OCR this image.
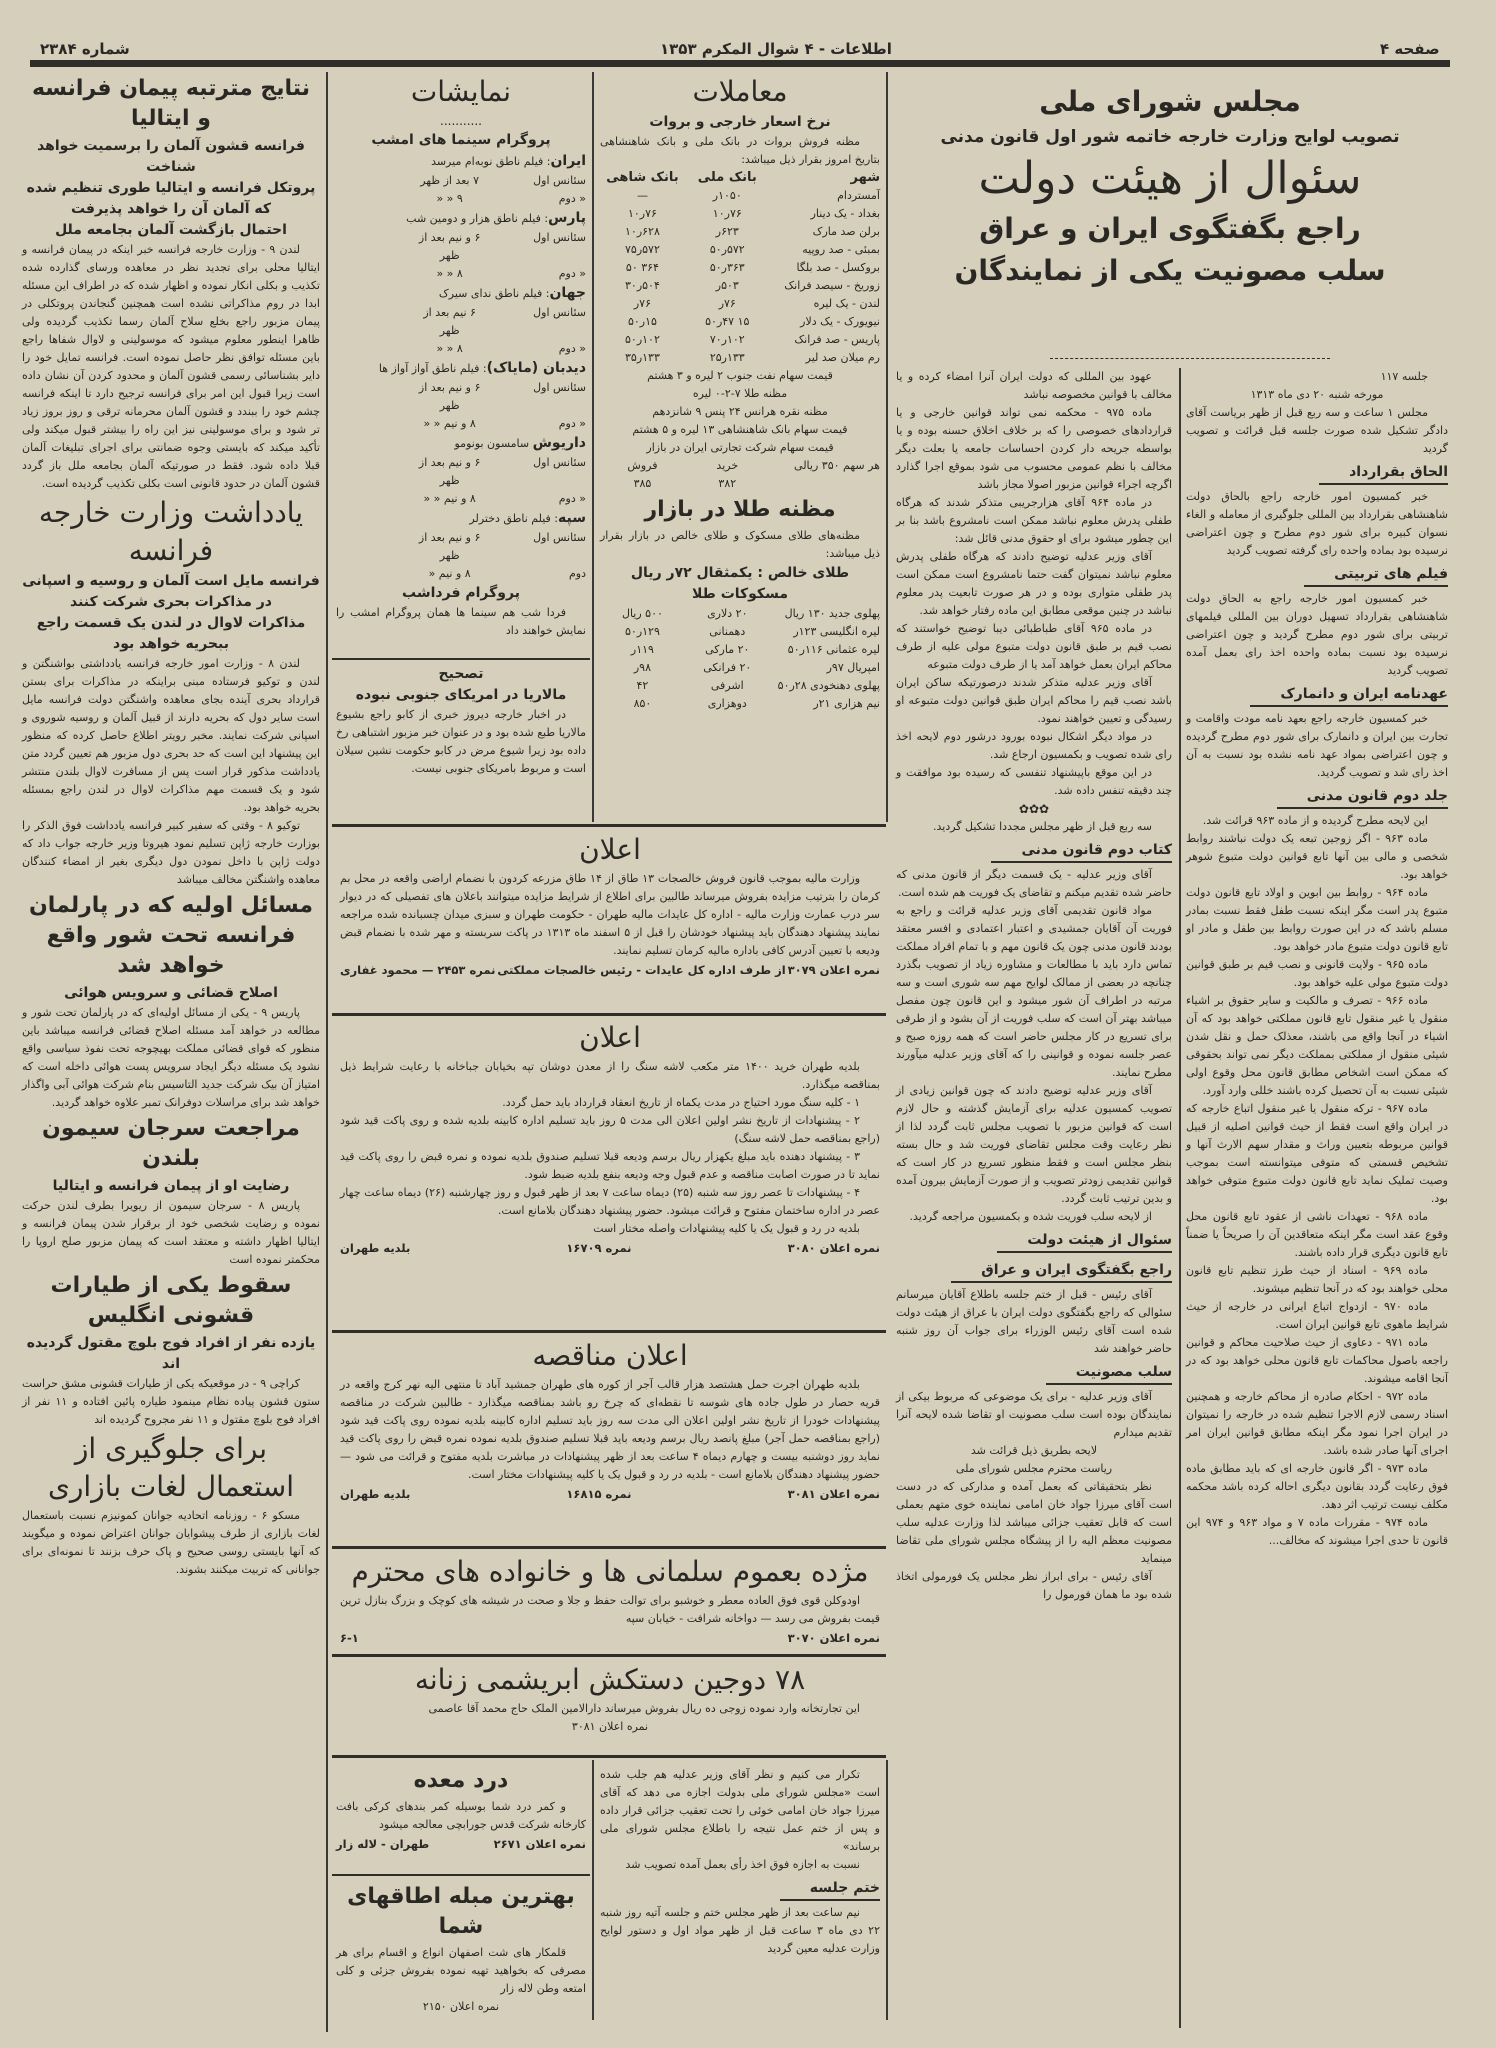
صفحه ۴
اطلاعات - ۴ شوال المکرم ۱۳۵۳
شماره ۲۳۸۴
مجلس شورای ملی
تصویب لوایح وزارت خارجه خاتمه شور اول قانون مدنی
سئوال از هیئت دولت
راجع بگفتگوی ایران و عراق
سلب مصونیت یکی از نمایندگان
جلسه ۱۱۷
مورخه شنبه ۲۰ دی ماه ۱۳۱۳
مجلس ۱ ساعت و سه ربع قبل از ظهر بریاست آقای دادگر تشکیل شده صورت جلسه قبل قرائت و تصویب گردید
الحاق بقرارداد
خبر کمسیون امور خارجه راجع بالحاق دولت شاهنشاهی بقرارداد بین المللی جلوگیری از معامله و الغاء نسوان کبیره برای شور دوم مطرح و چون اعتراضی نرسیده بود بماده واحده رای گرفته تصویب گردید
فیلم های تربیتی
خبر کمسیون امور خارجه راجع به الحاق دولت شاهنشاهی بقرارداد تسهیل دوران بین المللی فیلمهای تربیتی برای شور دوم مطرح گردید و چون اعتراضی نرسیده بود نسبت بماده واحده اخذ رای بعمل آمده تصویب گردید
عهدنامه ایران و دانمارک
خبر کمسیون خارجه راجع بعهد نامه مودت واقامت و تجارت بین ایران و دانمارک برای شور دوم مطرح گردیده و چون اعتراضی بمواد عهد نامه نشده بود نسبت به آن اخذ رای شد و تصویب گردید.
جلد دوم قانون مدنی
این لایحه مطرح گردیده و از ماده ۹۶۳ قرائت شد.
ماده ۹۶۳ - اگر زوجین تبعه یک دولت نباشند روابط شخصی و مالی بین آنها تابع قوانین دولت متبوع شوهر خواهد بود.
ماده ۹۶۴ - روابط بین ابوین و اولاد تابع قانون دولت متبوع پدر است مگر اینکه نسبت طفل فقط نسبت بمادر مسلم باشد که در این صورت روابط بین طفل و مادر او تابع قانون دولت متبوع مادر خواهد بود.
ماده ۹۶۵ - ولایت قانونی و نصب قیم بر طبق قوانین دولت متبوع مولی علیه خواهد بود.
ماده ۹۶۶ - تصرف و مالکیت و سایر حقوق بر اشیاء منقول یا غیر منقول تابع قانون مملکتی خواهد بود که آن اشیاء در آنجا واقع می باشند، معذلک حمل و نقل شدن شیئی منقول از مملکتی بمملکت دیگر نمی تواند بحقوقی که ممکن است اشخاص مطابق قانون محل وقوع اولی شیئی نسبت به آن تحصیل کرده باشند خللی وارد آورد.
ماده ۹۶۷ - ترکه منقول یا غیر منقول اتباع خارجه که در ایران واقع است فقط از حیث قوانین اصلیه از قبیل قوانین مربوطه بتعیین وراث و مقدار سهم الارث آنها و تشخیص قسمتی که متوفی میتوانسته است بموجب وصیت تملیک نماید تابع قانون دولت متبوع متوفی خواهد بود.
ماده ۹۶۸ - تعهدات ناشی از عقود تابع قانون محل وقوع عقد است مگر اینکه متعاقدین آن را صریحاً یا ضمناً تابع قانون دیگری قرار داده باشند.
ماده ۹۶۹ - اسناد از حیث طرز تنظیم تابع قانون محلی خواهند بود که در آنجا تنظیم میشوند.
ماده ۹۷۰ - ازدواج اتباع ایرانی در خارجه از حیث شرایط ماهوی تابع قوانین ایران است.
ماده ۹۷۱ - دعاوی از حیث صلاحیت محاکم و قوانین راجعه باصول محاکمات تابع قانون محلی خواهد بود که در آنجا اقامه میشوند.
ماده ۹۷۲ - احکام صادره از محاکم خارجه و همچنین اسناد رسمی لازم الاجرا تنظیم شده در خارجه را نمیتوان در ایران اجرا نمود مگر اینکه مطابق قوانین ایران امر اجرای آنها صادر شده باشد.
ماده ۹۷۳ - اگر قانون خارجه ای که باید مطابق ماده فوق رعایت گردد بقانون دیگری احاله کرده باشد محکمه مکلف نیست ترتیب اثر دهد.
ماده ۹۷۴ - مقررات ماده ۷ و مواد ۹۶۳ و ۹۷۴ این قانون تا حدی اجرا میشوند که مخالف...
عهود بین المللی که دولت ایران آنرا امضاء کرده و یا مخالف با قوانین مخصوصه نباشد
ماده ۹۷۵ - محکمه نمی تواند قوانین خارجی و یا قراردادهای خصوصی را که بر خلاف اخلاق حسنه بوده و یا بواسطه جریحه دار کردن احساسات جامعه یا بعلت دیگر مخالف با نظم عمومی محسوب می شود بموقع اجرا گذارد اگرچه اجراء قوانین مزبور اصولا مجاز باشد
در ماده ۹۶۴ آقای هزارجریبی متذکر شدند که هرگاه طفلی پدرش معلوم نباشد ممکن است نامشروع باشد بنا بر این چطور میشود برای او حقوق مدنی قائل شد:
آقای وزیر عدلیه توضیح دادند که هرگاه طفلی پدرش معلوم نباشد نمیتوان گفت حتما نامشروع است ممکن است پدر طفلی متواری بوده و در هر صورت تابعیت پدر معلوم نباشد در چنین موقعی مطابق این ماده رفتار خواهد شد.
در ماده ۹۶۵ آقای طباطبائی دیبا توضیح خواستند که نصب قیم بر طبق قانون دولت متبوع مولی علیه از طرف محاکم ایران بعمل خواهد آمد یا از طرف دولت متبوعه
آقای وزیر عدلیه متذکر شدند درصورتیکه ساکن ایران باشد نصب قیم را محاکم ایران طبق قوانین دولت متبوعه او رسیدگی و تعیین خواهند نمود.
در مواد دیگر اشکال نبوده بورود درشور دوم لایحه اخذ رای شده تصویب و بکمسیون ارجاع شد.
در این موقع باپیشنهاد تنفسی که رسیده بود موافقت و چند دقیقه تنفس داده شد.
✿✿✿
سه ربع قبل از ظهر مجلس مجددا تشکیل گردید.
کتاب دوم قانون مدنی
آقای وزیر عدلیه - یک قسمت دیگر از قانون مدنی که حاضر شده تقدیم میکنم و تقاضای یک فوریت هم شده است.
مواد قانون تقدیمی آقای وزیر عدلیه قرائت و راجع به فوریت آن آقایان جمشیدی و اعتبار اعتمادی و افسر معتقد بودند قانون مدنی چون یک قانون مهم و با تمام افراد مملکت تماس دارد باید با مطالعات و مشاوره زیاد از تصویب بگذرد چنانچه در بعضی از ممالک لوایح مهم سه شوری است و سه مرتبه در اطراف آن شور میشود و این قانون چون مفصل میباشد بهتر آن است که سلب فوریت از آن بشود و از طرفی برای تسریع در کار مجلس حاضر است که همه روزه صبح و عصر جلسه نموده و قوانینی را که آقای وزیر عدلیه میآورند مطرح نمایند.
آقای وزیر عدلیه توضیح دادند که چون قوانین زیادی از تصویب کمسیون عدلیه برای آزمایش گذشته و حال لازم است که قوانین مزبور با تصویب مجلس ثابت گردد لذا از نظر رعایت وقت مجلس تقاضای فوریت شد و حال بسته بنظر مجلس است و فقط منظور تسریع در کار است که قوانین تقدیمی زودتر تصویب و از صورت آزمایش بیرون آمده و بدین ترتیب ثابت گردد.
از لایحه سلب فوریت شده و بکمسیون مراجعه گردید.
سئوال از هیئت دولت
راجع بگفتگوی ایران و عراق
آقای رئیس - قبل از ختم جلسه باطلاع آقایان میرسانم سئوالی که راجع بگفتگوی دولت ایران با عراق از هیئت دولت شده است آقای رئیس الوزراء برای جواب آن روز شنبه حاضر خواهند شد
سلب مصونیت
آقای وزیر عدلیه - برای یک موضوعی که مربوط بیکی از نمایندگان بوده است سلب مصونیت او تقاضا شده لایحه آنرا تقدیم میدارم
لایحه بطریق ذیل قرائت شد
ریاست محترم مجلس شورای ملی
نظر بتحقیقاتی که بعمل آمده و مدارکی که در دست است آقای میرزا جواد خان امامی نماینده خوی متهم بعملی است که قابل تعقیب جزائی میباشد لذا وزارت عدلیه سلب مصونیت معظم الیه را از پیشگاه مجلس شورای ملی تقاضا مینماید
آقای رئیس - برای ابراز نظر مجلس یک فورمولی اتخاذ شده بود ما همان فورمول را
معاملات
نرخ اسعار خارجی و بروات
مظنه فروش بروات در بانک ملی و بانک شاهنشاهی بتاریخ امروز بقرار ذیل میباشد:
شهر
بانک ملی
بانک شاهی
آمستردام
۱۰۵۰ر
—
بغداد - یک دینار
۷۶ر۱۰
۷۶ر۱۰
برلن صد مارک
۶۲۳ر
۶۲۸ر۱۰
بمبئی - صد روپیه
۵۷۲ر۵۰
۵۷۲ر۷۵
بروکسل - صد بلگا
۳۶۳ر۵۰
۳۶۴ ۵۰
زوریخ - سیصد فرانک
۵۰۳ر
۵۰۴ر۳۰
لندن - یک لیره
۷۶ر
۷۶ر
نیویورک - یک دلار
۱۵ ۴۷ر۵۰
۱۵ر۵۰
پاریس - صد فرانک
۱۰۲ر۷۰
۱۰۲ر۵۰
رم میلان صد لیر
۱۳۳ر۲۵
۱۳۳ر۳۵
قیمت سهام نفت جنوب ۲ لیره و ۳ هشتم
مظنه طلا ۷-۲-۰ لیره
مظنه نقره هرانس ۲۴ پنس ۹ شانزدهم
قیمت سهام بانک شاهنشاهی ۱۳ لیره و ۵ هشتم
قیمت سهام شرکت تجارتی ایران در بازار
هر سهم ۳۵۰ ریالی
خرید
فروش
۳۸۲
۳۸۵
مظنه طلا در بازار
مظنه‌های طلای مسکوک و طلای خالص در بازار بقرار ذیل میباشد:
طلای خالص : یکمثقال ۷۲ر ریال
مسکوکات طلا
پهلوی جدید ۱۳۰ ریال
۲۰ دلاری
۵۰۰ ریال
لیره انگلیسی ۱۲۳ر
دهمنانی
۱۲۹ر۵۰
لیره عثمانی ۱۱۶ر۵۰
۲۰ مارکی
۱۱۹ر
امپریال ۹۷ر
۲۰ فرانکی
۹۸ر
پهلوی دهنخودی ۲۸ر۵۰
اشرفی
۴۲
نیم هزاری ۲۱ر
دوهزاری
۸۵۰
نمایشات
...........
پروگرام سینما های امشب
ایران: فیلم ناطق نوبه‌ام میرسد
سئانس اول
۷ بعد از ظهر
« دوم
۹ « «
پارس: فیلم ناطق هزار و دومین شب
سئانس اول
۶ و نیم بعد از ظهر
« دوم
۸ « «
جهان: فیلم ناطق ندای سیرک
سئانس اول
۶ نیم بعد از ظهر
« دوم
۸ « «
دیدبان (مایاک): فیلم ناطق آواز آواز ها
سئانس اول
۶ و نیم بعد از ظهر
« دوم
۸ و نیم « «
داریوش سامسون بونومو
سئانس اول
۶ و نیم بعد از ظهر
« دوم
۸ و نیم « «
سپه: فیلم ناطق دخترلر
سئانس اول
۶ و نیم بعد از ظهر
دوم
۸ و نیم «
پروگرام فرداشب
فردا شب هم سینما ها همان پروگرام امشب را نمایش خواهند داد
تصحیح
مالاریا در امریکای جنوبی نبوده
در اخبار خارجه دیروز خبری از کابو راجع بشیوع مالاریا طبع شده بود و در عنوان خبر مزبور اشتباهی رخ داده بود زیرا شیوع مرض در کابو حکومت نشین سیلان است و مربوط بامریکای جنوبی نیست.
اعلان
وزارت مالیه بموجب قانون فروش خالصجات ۱۳ طاق از ۱۴ طاق مزرعه کردون با نضمام اراضی واقعه در محل بم کرمان را بترتیب مزایده بفروش میرساند طالبین برای اطلاع از شرایط مزایده میتوانند باعلان های تفصیلی که در دیوار سر درب عمارت وزارت مالیه - اداره کل عایدات مالیه طهران - حکومت طهران و سبزی میدان چسبانده شده مراجعه نمایند پیشنهاد دهندگان باید پیشنهاد خودشان را قبل از ۵ اسفند ماه ۱۳۱۳ در پاکت سربسته و مهر شده با نضمام قبض ودیعه با تعیین آدرس کافی باداره مالیه کرمان تسلیم نمایند.
نمره اعلان ۳۰۷۹
از طرف اداره کل عایدات - رئیس خالصجات مملکتی
نمره ۲۴۵۳ — محمود غفاری
اعلان
بلدیه طهران خرید ۱۴۰۰ متر مکعب لاشه سنگ را از معدن دوشان تپه بخیابان جباخانه با رعایت شرایط ذیل بمناقصه میگذارد.
۱ - کلیه سنگ مورد احتیاج در مدت یکماه از تاریخ انعقاد قرارداد باید حمل گردد.
۲ - پیشنهادات از تاریخ نشر اولین اعلان الی مدت ۵ روز باید تسلیم اداره کابینه بلدیه شده و روی پاکت قید شود (راجع بمناقصه حمل لاشه سنگ)
۳ - پیشنهاد دهنده باید مبلغ یکهزار ریال برسم ودیعه قبلا تسلیم صندوق بلدیه نموده و نمره قبض را روی پاکت قید نماید تا در صورت اصابت مناقصه و عدم قبول وجه ودیعه بنفع بلدیه ضبط شود.
۴ - پیشنهادات تا عصر روز سه شنبه (۲۵) دیماه ساعت ۷ بعد از ظهر قبول و روز چهارشنبه (۲۶) دیماه ساعت چهار عصر در اداره ساختمان مفتوح و قرائت میشود. حضور پیشنهاد دهندگان بلامانع است.
بلدیه در رد و قبول یک یا کلیه پیشنهادات واصله مختار است
نمره اعلان ۳۰۸۰
نمره ۱۶۷۰۹
بلدیه طهران
اعلان مناقصه
بلدیه طهران اجرت حمل هشتصد هزار قالب آجر از کوره های طهران جمشید آباد تا منتهی الیه نهر کرج واقعه در قریه حصار در طول جاده های شوسه تا نقطه‌ای که چرخ رو باشد بمناقصه میگذارد - طالبین شرکت در مناقصه پیشنهادات خودرا از تاریخ نشر اولین اعلان الی مدت سه روز باید تسلیم اداره کابینه بلدیه نموده روی پاکت قید شود (راجع بمناقصه حمل آجر) مبلغ پانصد ریال برسم ودیعه باید قبلا تسلیم صندوق بلدیه نموده نمره قبض را روی پاکت قید نماید روز دوشنبه بیست و چهارم دیماه ۴ ساعت بعد از ظهر پیشنهادات در مباشرت بلدیه مفتوح و قرائت می شود — حضور پیشنهاد دهندگان بلامانع است - بلدیه در رد و قبول یک یا کلیه پیشنهادات مختار است.
نمره اعلان ۳۰۸۱
نمره ۱۶۸۱۵
بلدیه طهران
مژده بعموم سلمانی ها و خانواده های محترم
اودوکلن قوی فوق العاده معطر و خوشبو برای توالت حفظ و جلا و صحت در شیشه های کوچک و بزرگ بنازل ترین قیمت بفروش می رسد — دواخانه شرافت - خیابان سپه
نمره اعلان ۳۰۷۰
۶-۱
۷۸ دوجین دستکش ابریشمی زنانه
این تجارتخانه وارد نموده زوجی ده ریال بفروش میرساند دارالامین الملک حاج محمد آقا عاصمی
نمره اعلان ۳۰۸۱
درد معده
و کمر درد شما بوسیله کمر بندهای کرکی بافت کارخانه شرکت قدس جورابچی معالجه میشود
نمره اعلان ۲۶۷۱
طهران - لاله زار
بهترین مبله اطاقهای شما
قلمکار های شت اصفهان انواع و اقسام برای هر مصرفی که بخواهید تهیه نموده بفروش جزئی و کلی امتعه وطن لاله زار
نمره اعلان ۲۱۵۰
تکرار می کنیم و نظر آقای وزیر عدلیه هم جلب شده است «مجلس شورای ملی بدولت اجازه می دهد که آقای میرزا جواد خان امامی خوئی را تحت تعقیب جزائی قرار داده و پس از ختم عمل نتیجه را باطلاع مجلس شورای ملی برساند»
نسبت به اجازه فوق اخذ رأی بعمل آمده تصویب شد
ختم جلسه
نیم ساعت بعد از ظهر مجلس ختم و جلسه آتیه روز شنبه ۲۲ دی ماه ۳ ساعت قبل از ظهر مواد اول و دستور لوایح وزارت عدلیه معین گردید
نتایج مترتبه پیمان فرانسه و ایتالیا
فرانسه قشون آلمان را برسمیت خواهد شناخت
پروتکل فرانسه و ایتالیا طوری تنظیم شده که آلمان آن را خواهد پذیرفت
احتمال بازگشت آلمان بجامعه ملل
لندن ۹ - وزارت خارجه فرانسه خبر اینکه در پیمان فرانسه و ایتالیا محلی برای تجدید نظر در معاهده ورسای گذارده شده تکذیب و بکلی انکار نموده و اظهار شده که در اطراف این مسئله ابدا در روم مذاکراتی نشده است همچنین گنجاندن پروتکلی در پیمان مزبور راجع بخلع سلاح آلمان رسما تکذیب گردیده ولی ظاهرا اینطور معلوم میشود که موسولینی و لاوال شفاها راجع باین مسئله توافق نظر حاصل نموده است. فرانسه تمایل خود را دایر بشناسائی رسمی قشون آلمان و محدود کردن آن نشان داده است زیرا قبول این امر برای فرانسه ترجیح دارد تا اینکه فرانسه چشم خود را ببندد و قشون آلمان محرمانه ترقی و روز بروز زیاد تر شود و برای موسولینی نیز این راه را بیشتر قبول میکند ولی تأکید میکند که بایستی وجوه ضمانتی برای اجرای تبلیغات آلمان قبلا داده شود. فقط در صورتیکه آلمان بجامعه ملل باز گردد قشون آلمان در حدود قانونی است بکلی تکذیب گردیده است.
یادداشت وزارت خارجه فرانسه
فرانسه مایل است آلمان و روسیه و اسپانی در مذاکرات بحری شرکت کنند
مذاکرات لاوال در لندن یک قسمت راجع ببحریه خواهد بود
لندن ۸ - وزارت امور خارجه فرانسه یادداشتی بواشنگتن و لندن و توکیو فرستاده مبنی براینکه در مذاکرات برای بستن قرارداد بحری آینده بجای معاهده واشنگتن دولت فرانسه مایل است سایر دول که بحریه دارند از قبیل آلمان و روسیه شوروی و اسپانی شرکت نمایند. مخبر رویتر اطلاع حاصل کرده که منظور این پیشنهاد این است که حد بحری دول مزبور هم تعیین گردد متن یادداشت مذکور قرار است پس از مسافرت لاوال بلندن منتشر شود و یک قسمت مهم مذاکرات لاوال در لندن راجع بمسئله بحریه خواهد بود.
توکیو ۸ - وقتی که سفیر کبیر فرانسه یادداشت فوق الذکر را بوزارت خارجه ژاپن تسلیم نمود هیروتا وزیر خارجه جواب داد که دولت ژاپن با داخل نمودن دول دیگری بغیر از امضاء کنندگان معاهده واشنگتن مخالف میباشد
مسائل اولیه که در پارلمان فرانسه تحت شور واقع خواهد شد
اصلاح قضائی و سرویس هوائی
پاریس ۹ - یکی از مسائل اولیه‌ای که در پارلمان تحت شور و مطالعه در خواهد آمد مسئله اصلاح قضائی فرانسه میباشد باین منظور که قوای قضائی مملکت بهیچوجه تحت نفوذ سیاسی واقع نشود یک مسئله دیگر ایجاد سرویس پست هوائی داخله است که امتیاز آن بیک شرکت جدید التاسیس بنام شرکت هوائی آبی واگذار خواهد شد برای مراسلات دوفرانک تمبر علاوه خواهد گردید.
مراجعت سرجان سیمون بلندن
رضایت او از پیمان فرانسه و ایتالیا
پاریس ۸ - سرجان سیمون از ریویرا بطرف لندن حرکت نموده و رضایت شخصی خود از برقرار شدن پیمان فرانسه و ایتالیا اظهار داشته و معتقد است که پیمان مزبور صلح اروپا را محکمتر نموده است
سقوط یکی از طیارات قشونی انگلیس
یازده نفر از افراد فوج بلوچ مقتول گردیده اند
کراچی ۹ - در موقعیکه یکی از طیارات قشونی مشق حراست ستون قشون پیاده نظام مینمود طیاره پائین افتاده و ۱۱ نفر از افراد فوج بلوچ مقتول و ۱۱ نفر مجروح گردیده اند
برای جلوگیری از استعمال لغات بازاری
مسکو ۶ - روزنامه اتحادیه جوانان کمونیزم نسبت باستعمال لغات بازاری از طرف پیشوایان جوانان اعتراض نموده و میگویند که آنها بایستی روسی صحیح و پاک حرف بزنند تا نمونه‌ای برای جوانانی که تربیت میکنند بشوند.
